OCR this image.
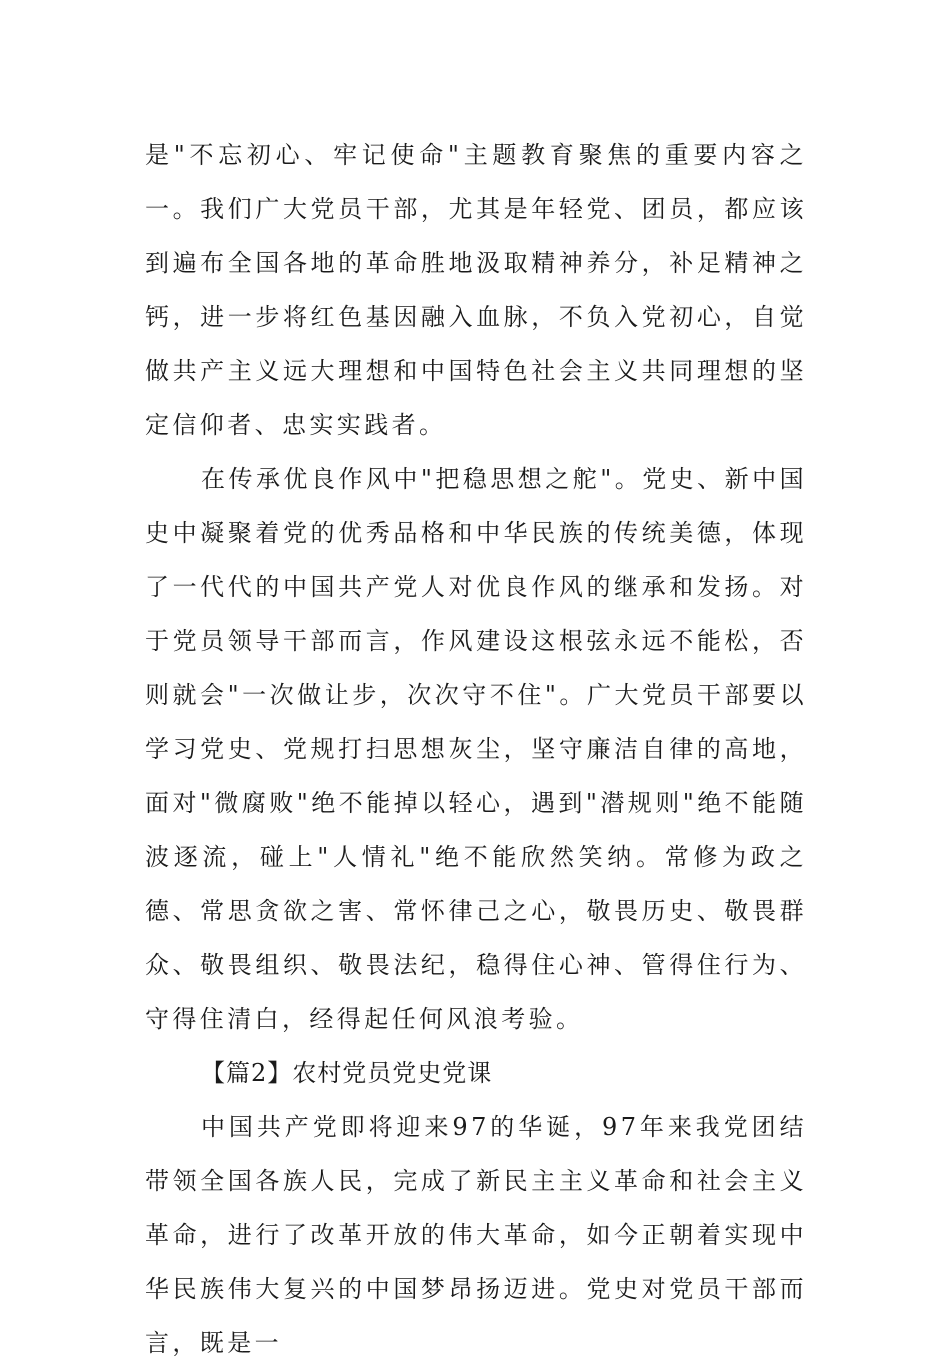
是"不忘初心、牢记使命"主题教育聚焦的重要内容之一。我们广大党员干部，尤其是年轻党、团员，都应该到遍布全国各地的革命胜地汲取精神养分，补足精神之钙，进一步将红色基因融入血脉，不负入党初心，自觉做共产主义远大理想和中国特色社会主义共同理想的坚定信仰者、忠实实践者。

在传承优良作风中"把稳思想之舵"。党史、新中国史中凝聚着党的优秀品格和中华民族的传统美德，体现了一代代的中国共产党人对优良作风的继承和发扬。对于党员领导干部而言，作风建设这根弦永远不能松，否则就会"一次做让步，次次守不住"。广大党员干部要以学习党史、党规打扫思想灰尘，坚守廉洁自律的高地，面对"微腐败"绝不能掉以轻心，遇到"潜规则"绝不能随波逐流，碰上"人情礼"绝不能欣然笑纳。常修为政之德、常思贪欲之害、常怀律己之心，敬畏历史、敬畏群众、敬畏组织、敬畏法纪，稳得住心神、管得住行为、守得住清白，经得起任何风浪考验。

【篇2】农村党员党史党课

中国共产党即将迎来97的华诞，97年来我党团结带领全国各族人民，完成了新民主主义革命和社会主义革命，进行了改革开放的伟大革命，如今正朝着实现中华民族伟大复兴的中国梦昂扬迈进。党史对党员干部而言，既是一
